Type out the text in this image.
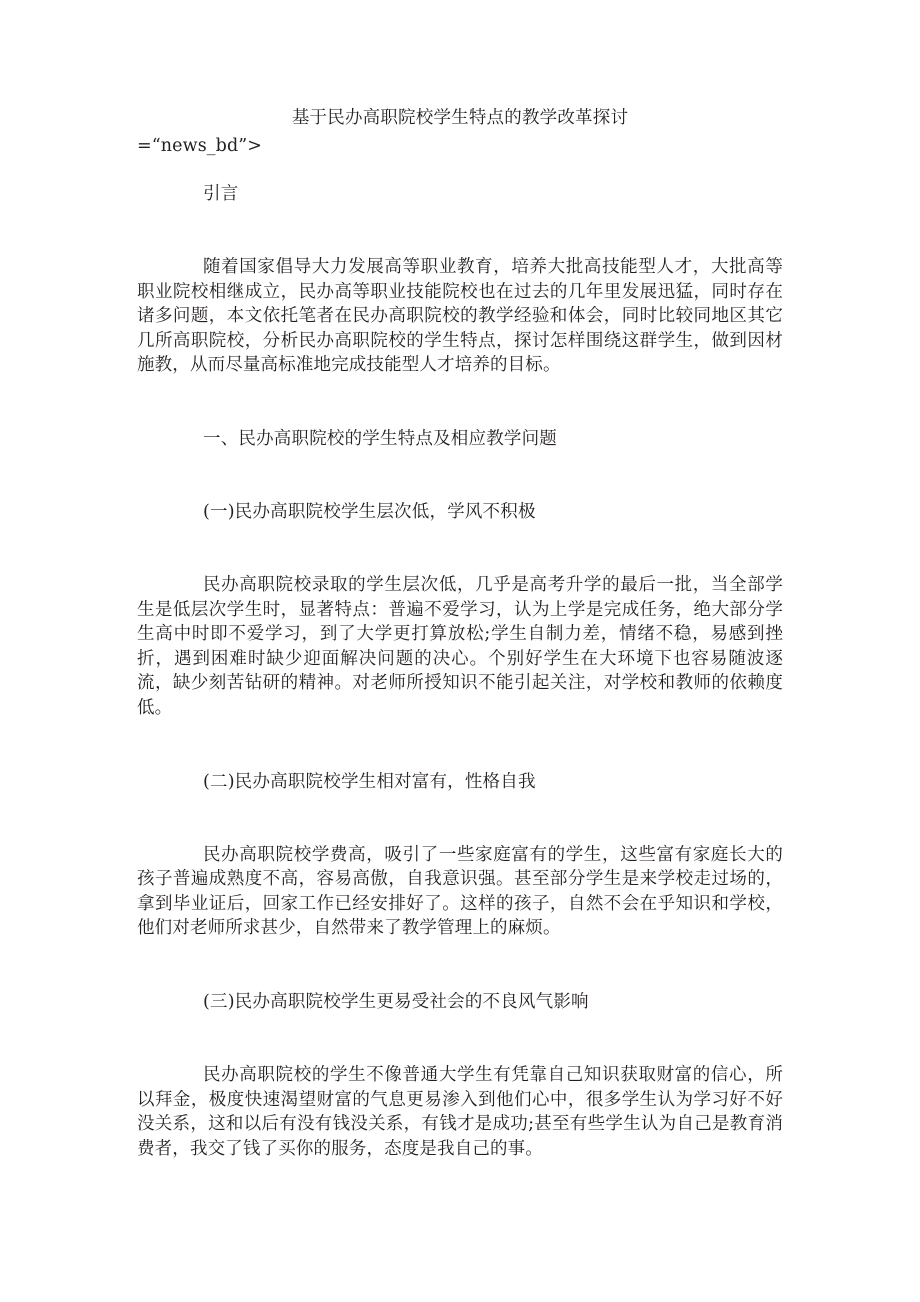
基于民办高职院校学生特点的教学改革探讨
=“news_bd”>
引言
随着国家倡导大力发展高等职业教育，培养大批高技能型人才，大批高等职业院校相继成立，民办高等职业技能院校也在过去的几年里发展迅猛，同时存在诸多问题，本文依托笔者在民办高职院校的教学经验和体会，同时比较同地区其它几所高职院校，分析民办高职院校的学生特点，探讨怎样围绕这群学生，做到因材施教，从而尽量高标准地完成技能型人才培养的目标。
一、民办高职院校的学生特点及相应教学问题
(一)民办高职院校学生层次低，学风不积极
民办高职院校录取的学生层次低，几乎是高考升学的最后一批，当全部学生是低层次学生时，显著特点：普遍不爱学习，认为上学是完成任务，绝大部分学生高中时即不爱学习，到了大学更打算放松;学生自制力差，情绪不稳，易感到挫折，遇到困难时缺少迎面解决问题的决心。个别好学生在大环境下也容易随波逐流，缺少刻苦钻研的精神。对老师所授知识不能引起关注，对学校和教师的依赖度低。
(二)民办高职院校学生相对富有，性格自我
民办高职院校学费高，吸引了一些家庭富有的学生，这些富有家庭长大的孩子普遍成熟度不高，容易高傲，自我意识强。甚至部分学生是来学校走过场的，拿到毕业证后，回家工作已经安排好了。这样的孩子，自然不会在乎知识和学校，他们对老师所求甚少，自然带来了教学管理上的麻烦。
(三)民办高职院校学生更易受社会的不良风气影响
民办高职院校的学生不像普通大学生有凭靠自己知识获取财富的信心，所以拜金，极度快速渴望财富的气息更易渗入到他们心中，很多学生认为学习好不好没关系，这和以后有没有钱没关系，有钱才是成功;甚至有些学生认为自己是教育消费者，我交了钱了买你的服务，态度是我自己的事。
